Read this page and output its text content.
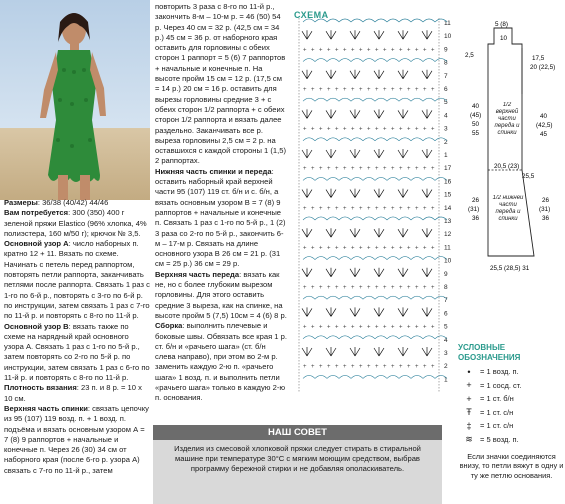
Размеры: 36/38 (40/42) 44/46

Вам потребуется: 300 (350) 400 г зеленой пряжи Elastico (96% хлопка, 4% полиэстера, 160 м/50 г); крючок № 3,5.

Основной узор А: число наборных п. кратно 12 + 11. Вязать по схеме. Начинать с петель перед раппортом, повторять петли раппорта, заканчивать петлями после раппорта. Связать 1 раз с 1-го по 6-й р., повторять с 3-го по 6-й р. по инструкции, затем связать 1 раз с 7-го по 11-й р. и повторять с 8-го по 11-й р.

Основной узор В: вязать также по схеме на нарядный край основного узора А. Связать 1 раз с 1-го по 5-й р., затем повторять со 2-го по 5-й р. по инструкции, затем связать 1 раз с 6-го по 11-й р. и повторять с 8-го по 11-й р.

Плотность вязания: 23 п. и 8 р. = 10 х 10 см.

Верхняя часть спинки: связать цепочку из 95 (107) 119 возд. п. + 1 возд. п. подъёма и вязать основным узором А = 7 (8) 9 раппортов + начальные и конечные п. Через 26 (30) 34 см от наборного края (после 6-го р. узора А) связать с 7-го по 11-й р., затем

повторить 3 раза с 8-го по 11-й р., закончить 8-м – 10-м р. = 46 (50) 54 р. Через 40 см = 32 р. (42,5 см = 34 р.) 45 см = 36 р. от наборного края оставить для горловины с обеих сторон 1 раппорт = 5 (6) 7 раппортов + начальные и конечные п. На высоте пройм 15 см = 12 р. (17,5 см = 14 р.) 20 см = 16 р. оставить для вырезы горловины средние 3 + с обеих сторон 1/2 раппорта + с обеих сторон 1/2 раппорта и вязать далее раздельно. Заканчивать все р. выреза горловины 2,5 см = 2 р. на оставшихся с каждой стороны 1 (1,5) 2 раппортах.

Нижняя часть спинки и переда: оставить наборный край верхней части 95 (107) 119 ст. б/н и с. б/н, а вязать основным узором В = 7 (8) 9 раппортов + начальные и конечные п. Связать 1 раз с 1-го по 5-й р., 1 (2) 3 раза со 2-го по 5-й р., закончить 6-м – 17-м р. Связать на длине основного узора В 26 см = 21 р. (31 см = 25 р.) 36 см = 29 р.

Верхняя часть переда: вязать как не, но с более глубоким вырезом горловины. Для этого оставить средние 3 выреза, как на спинке, на высоте пройм 5 (7,5) 10см = 4 (6) 8 р.

Сборка: выполнить плечевые и боковые швы. Обвязать все края 1 р. ст. б/н и «рачьего шага» (ст. б/н слева направо), при этом во 2-м р. заменить каждую 2-ю п. «рачьего шага» 1 возд. п. и выполнить петли «рачьего шага» только в каждую 2-ю п. основания.

СХЕМА
11
10
9
+ + + + + + + + + + + + + + + + +
8
7
6
+ + + + + + + + + + + + + + + + +
5
4
3
+ + + + + + + + + + + + + + + + +
2
1
17
+ + + + + + + + + + + + + + + + +
16
15
14
+ + + + + + + + + + + + + + + + +
13
12
11
+ + + + + + + + + + + + + + + + +
10
9
8
+ + + + + + + + + + + + + + + + +
7
6
5
+ + + + + + + + + + + + + + + + +
4
3
2
+ + + + + + + + + + + + + + + + +
1
2,5
5 (8)
10
17,5
20 (22,5)
40
(45)
50
55
40
(42,5)
45
1/2 верхней части переда и спинки
20,5 (23)
25,5
1/2 нижней части переда и спинки
26
(31)
36
26
(31)
36
25,5 (28,5) 31
УСЛОВНЫЕ
ОБОЗНАЧЕНИЯ
•	= 1 возд. п.
+	= 1 сосд. ст.
+	= 1 ст. б/н
Ŧ	= 1 ст. с/н
‡	= 1 ст. с/н
≋ = 5 возд. п.
Если значки соединяются внизу, то петли вяжут в одну и ту же петлю основания.
НАШ СОВЕТ
Изделия из смесовой хлопковой пряжи следует стирать в стиральной машине при температуре 30°C с мягким моющим средством, выбрав программу бережной стирки и не добавляя ополаскиватель.
